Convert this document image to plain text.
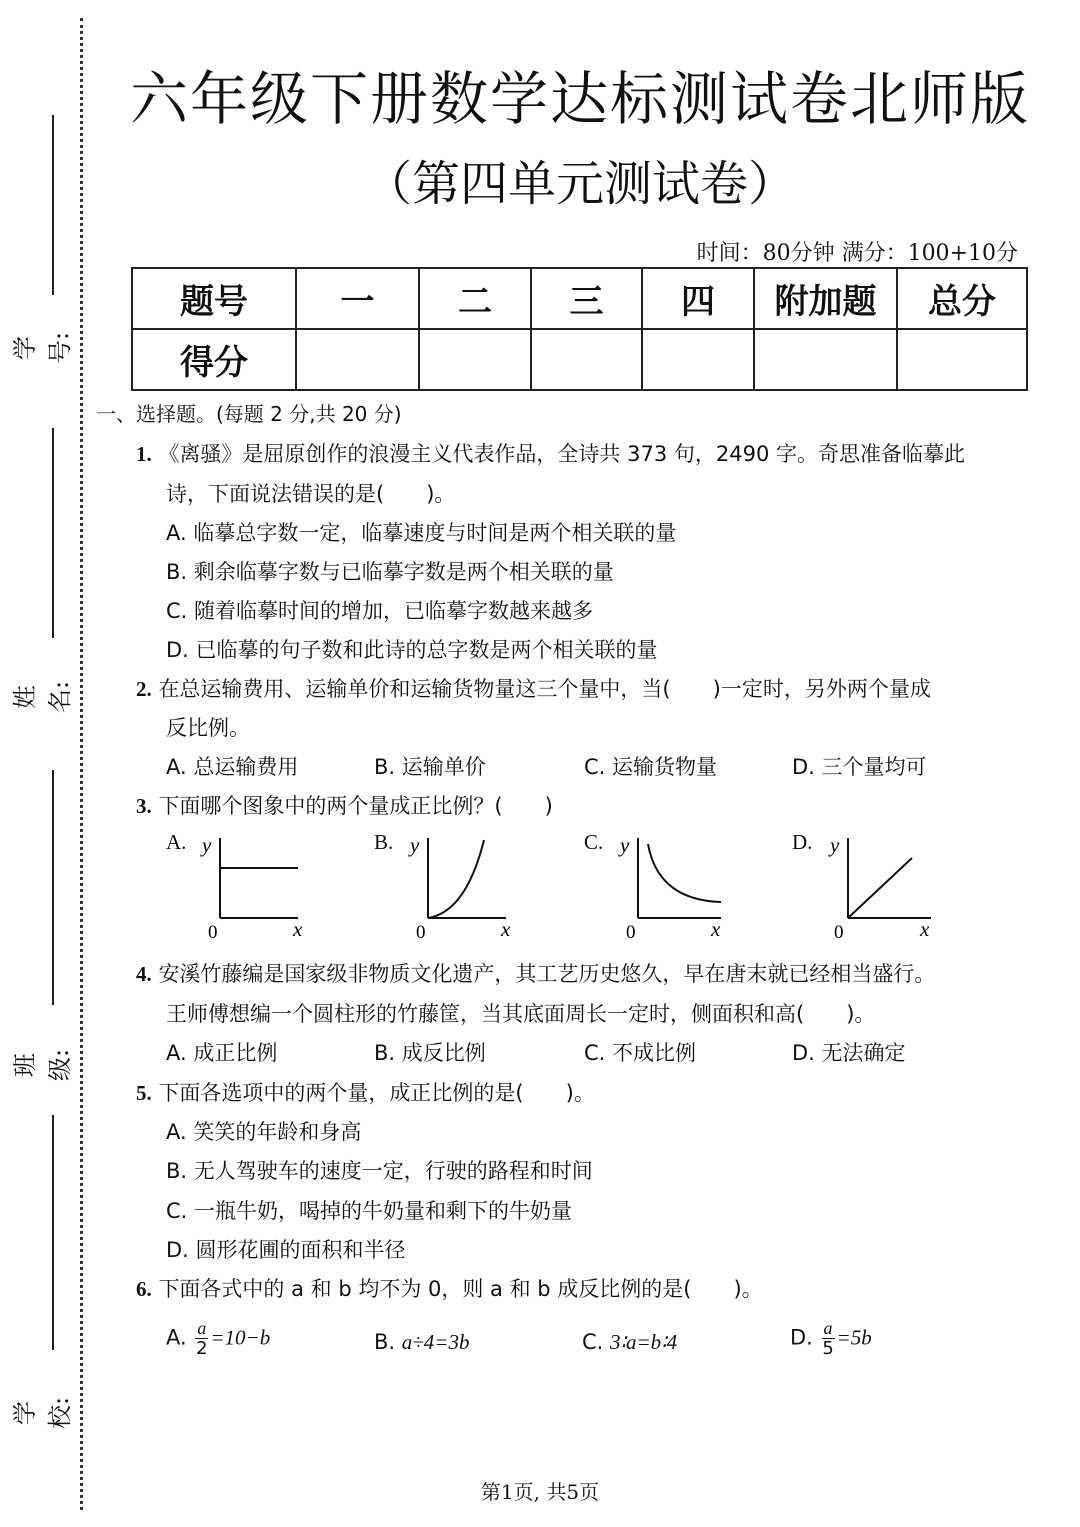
学号:
姓名:
班级:
学校:
六年级下册数学达标测试卷北师版
（第四单元测试卷）
时间：80分钟 满分：100+10分
题号	一	二	三	四	附加题	总分
得分						
一、选择题。(每题 2 分,共 20 分)
1. 《离骚》是屈原创作的浪漫主义代表作品，全诗共 373 句，2490 字。奇思准备临摹此
诗，下面说法错误的是(　　)。
A. 临摹总字数一定，临摹速度与时间是两个相关联的量
B. 剩余临摹字数与已临摹字数是两个相关联的量
C. 随着临摹时间的增加，已临摹字数越来越多
D. 已临摹的句子数和此诗的总字数是两个相关联的量
2. 在总运输费用、运输单价和运输货物量这三个量中，当(　　)一定时，另外两个量成
反比例。
A. 总运输费用	B. 运输单价	C. 运输货物量	D. 三个量均可
3. 下面哪个图象中的两个量成正比例？(　　)
A. y
0	x
B. y
0	x
C. y
0	x
D. y
0	x
4. 安溪竹藤编是国家级非物质文化遗产，其工艺历史悠久，早在唐末就已经相当盛行。
王师傅想编一个圆柱形的竹藤筐，当其底面周长一定时，侧面积和高(　　)。
A. 成正比例	B. 成反比例	C. 不成比例	D. 无法确定
5. 下面各选项中的两个量，成正比例的是(　　)。
A. 笑笑的年龄和身高
B. 无人驾驶车的速度一定，行驶的路程和时间
C. 一瓶牛奶，喝掉的牛奶量和剩下的牛奶量
D. 圆形花圃的面积和半径
6. 下面各式中的 a 和 b 均不为 0，则 a 和 b 成反比例的是(　　)。
A. $\frac{a}{2} =10-b$	B. a÷4=3b	C. 3∶a=b∶4	D. $\frac{a}{5} =5b$
第1页, 共5页
